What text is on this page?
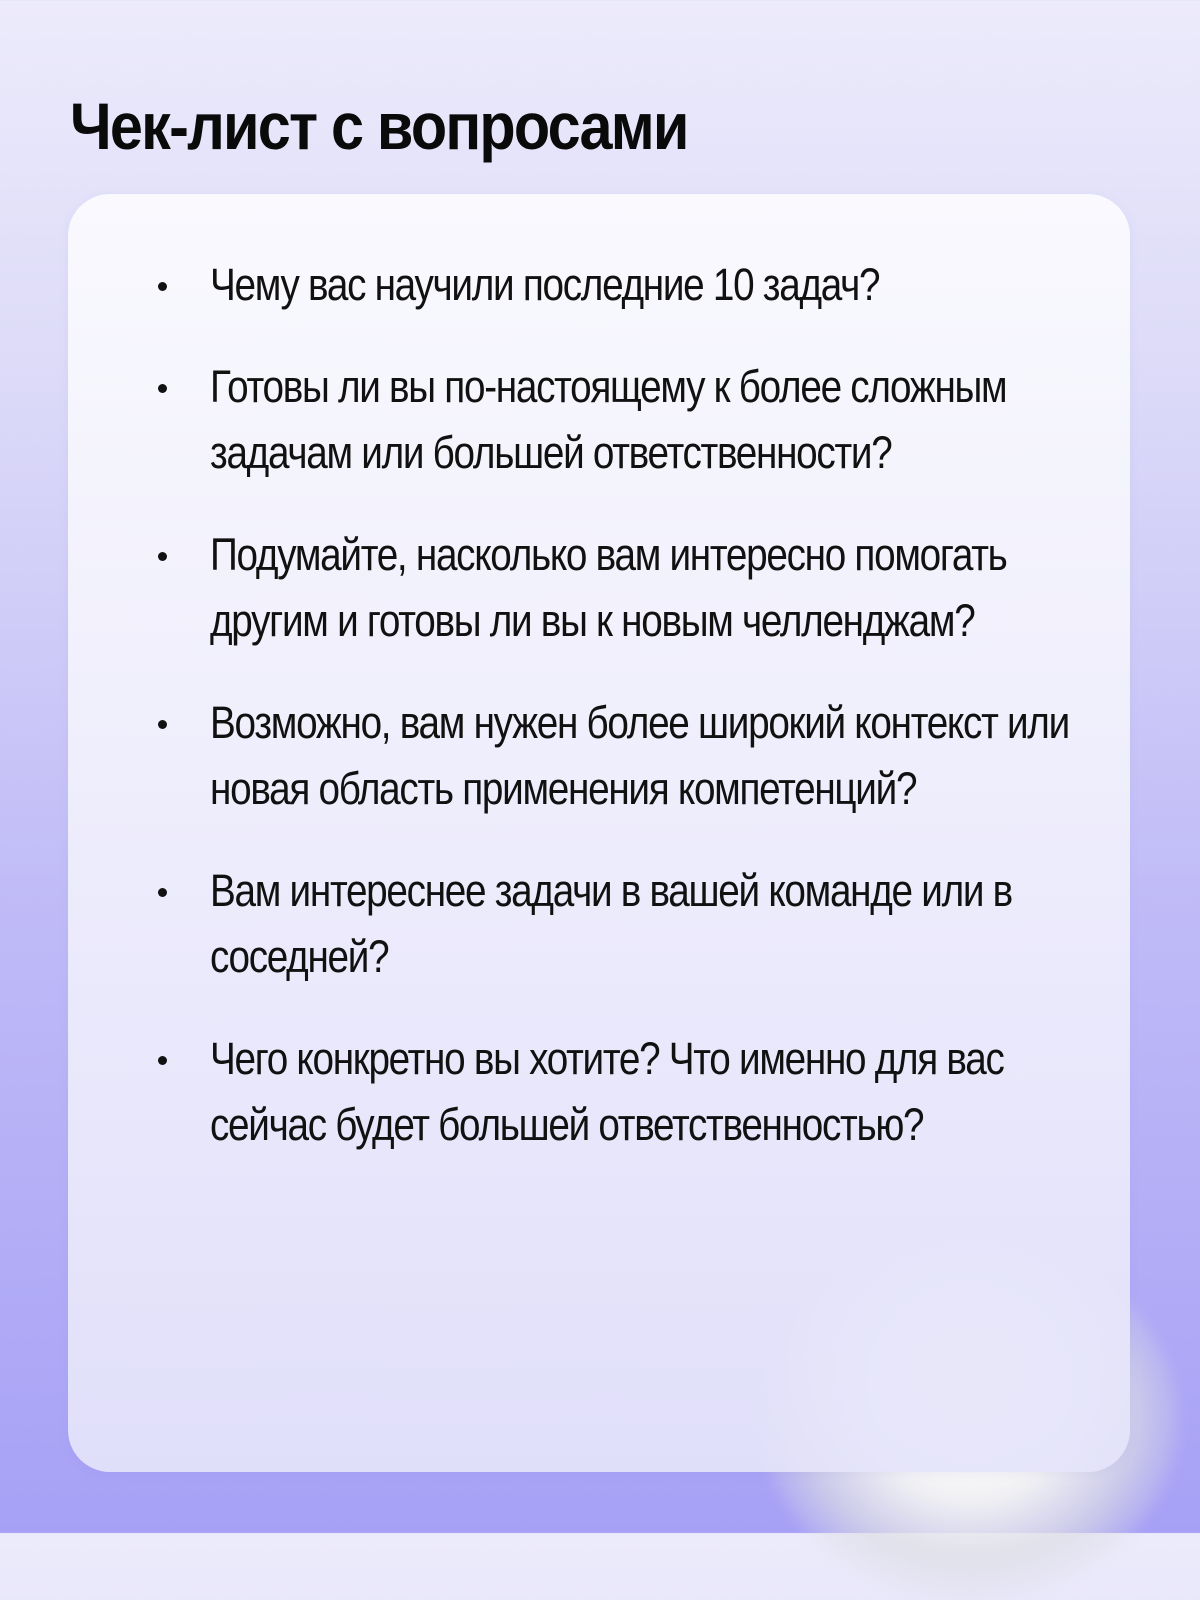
Чек-лист с вопросами
Чему вас научили последние 10 задач?
Готовы ли вы по-настоящему к более сложным задачам или большей ответственности?
Подумайте, насколько вам интересно помогать другим и готовы ли вы к новым челленджам?
Возможно, вам нужен более широкий контекст или новая область применения компетенций?
Вам интереснее задачи в вашей команде или в соседней?
Чего конкретно вы хотите? Что именно для вас сейчас будет большей ответственностью?
